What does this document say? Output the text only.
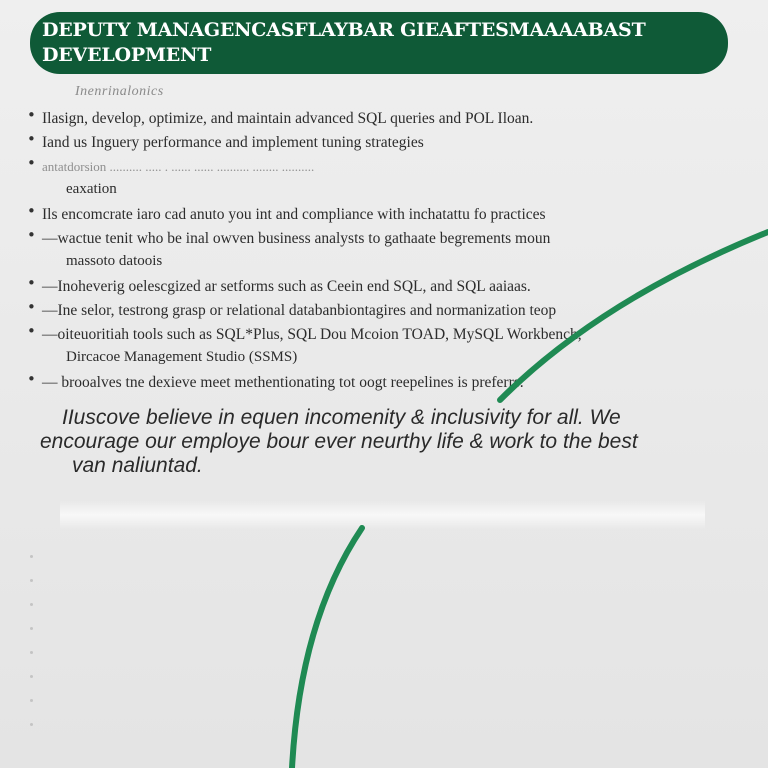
DEPUTY MANAGENCASFLAYBAR GIEAFTESMAAAABAST
DEVELOPMENT
Inenrinalonics
• Ilasign, develop, optimize, and maintain advanced SQL queries and POL Iloan.
• Iand us Inguery performance and implement tuning strategies
• antatdorsion .......... ..... . ...... ...... .......... ........ ..........
eaxation
• Ils encomcrate iaro cad anuto you int and compliance with inchatattu fo practices
• —wactue tenit who be inal owven business analysts to gathaate begrements moun
massoto datoois
• —Inoheverig oelescgized ar setforms such as Ceein end SQL, and SQL aaiaas.
• —Ine selor, testrong grasp or relational databanbiontagires and normanization teop
• —oiteuoritiah tools such as SQL*Plus, SQL Dou Mcoion TOAD, MySQL Workbench,
Dircacoe Management Studio (SSMS)
• — brooalves tne dexieve meet methentionating tot oogt reepelines is preferrs.

IIuscove believe in equen incomenity & inclusivity for all. We
encourage our employe bour ever neurthy life & work to the best
van naliuntad.
